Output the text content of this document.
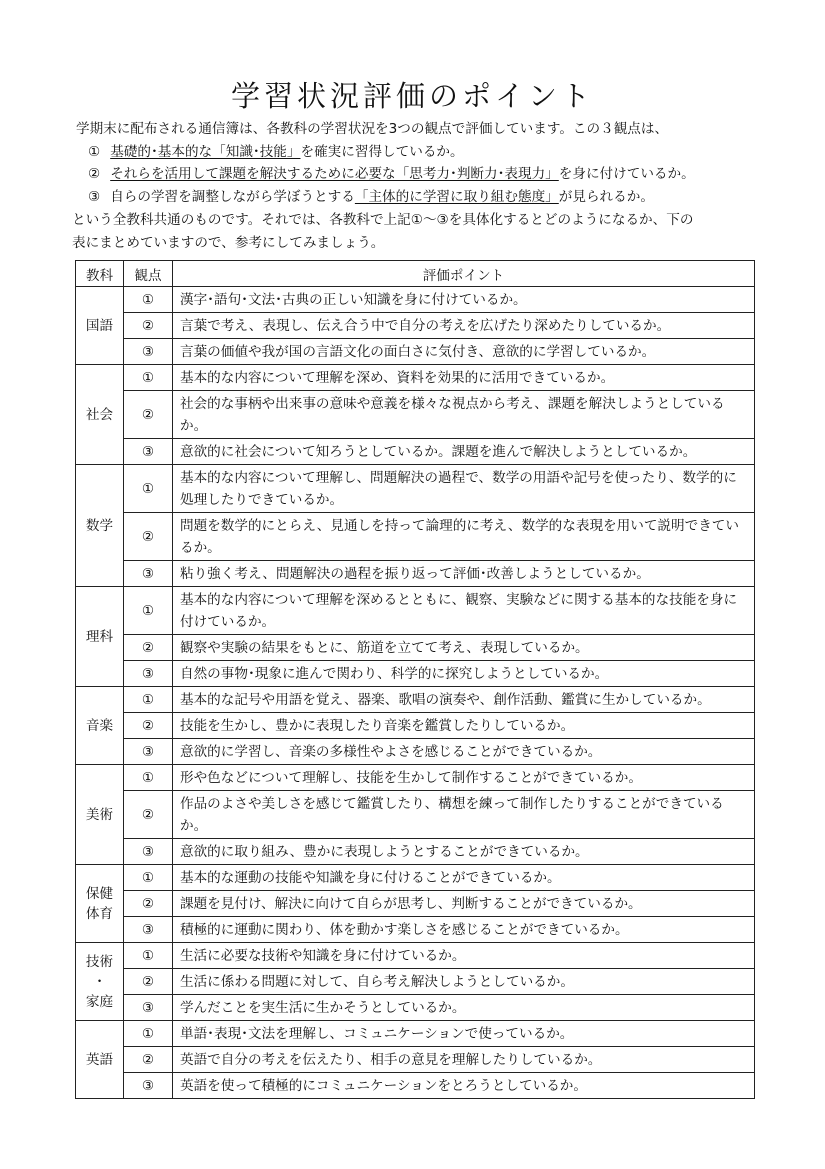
学習状況評価のポイント
学期末に配布される通信簿は、各教科の学習状況を3つの観点で評価しています。この３観点は、
① 基礎的･基本的な「知識･技能」を確実に習得しているか。
② それらを活用して課題を解決するために必要な「思考力･判断力･表現力」を身に付けているか。
③ 自らの学習を調整しながら学ぼうとする「主体的に学習に取り組む態度」が見られるか。
という全教科共通のものです。それでは、各教科で上記①～③を具体化するとどのようになるか、下の
表にまとめていますので、参考にしてみましょう。
教科	観点	評価ポイント
国語	①	漢字･語句･文法･古典の正しい知識を身に付けているか。
	②	言葉で考え、表現し、伝え合う中で自分の考えを広げたり深めたりしているか。
	③	言葉の価値や我が国の言語文化の面白さに気付き、意欲的に学習しているか。
社会	①	基本的な内容について理解を深め、資料を効果的に活用できているか。
	②	社会的な事柄や出来事の意味や意義を様々な視点から考え、課題を解決しようとしているか。
	③	意欲的に社会について知ろうとしているか。課題を進んで解決しようとしているか。
数学	①	基本的な内容について理解し、問題解決の過程で、数学の用語や記号を使ったり、数学的に処理したりできているか。
	②	問題を数学的にとらえ、見通しを持って論理的に考え、数学的な表現を用いて説明できているか。
	③	粘り強く考え、問題解決の過程を振り返って評価･改善しようとしているか。
理科	①	基本的な内容について理解を深めるとともに、観察、実験などに関する基本的な技能を身に付けているか。
	②	観察や実験の結果をもとに、筋道を立てて考え、表現しているか。
	③	自然の事物･現象に進んで関わり、科学的に探究しようとしているか。
音楽	①	基本的な記号や用語を覚え、器楽、歌唱の演奏や、創作活動、鑑賞に生かしているか。
	②	技能を生かし、豊かに表現したり音楽を鑑賞したりしているか。
	③	意欲的に学習し、音楽の多様性やよさを感じることができているか。
美術	①	形や色などについて理解し、技能を生かして制作することができているか。
	②	作品のよさや美しさを感じて鑑賞したり、構想を練って制作したりすることができているか。
	③	意欲的に取り組み、豊かに表現しようとすることができているか。
保健
体育	①	基本的な運動の技能や知識を身に付けることができているか。
	②	課題を見付け、解決に向けて自らが思考し、判断することができているか。
	③	積極的に運動に関わり、体を動かす楽しさを感じることができているか。
技術
・
家庭	①	生活に必要な技術や知識を身に付けているか。
	②	生活に係わる問題に対して、自ら考え解決しようとしているか。
	③	学んだことを実生活に生かそうとしているか。
英語	①	単語･表現･文法を理解し、コミュニケーションで使っているか。
	②	英語で自分の考えを伝えたり、相手の意見を理解したりしているか。
	③	英語を使って積極的にコミュニケーションをとろうとしているか。
